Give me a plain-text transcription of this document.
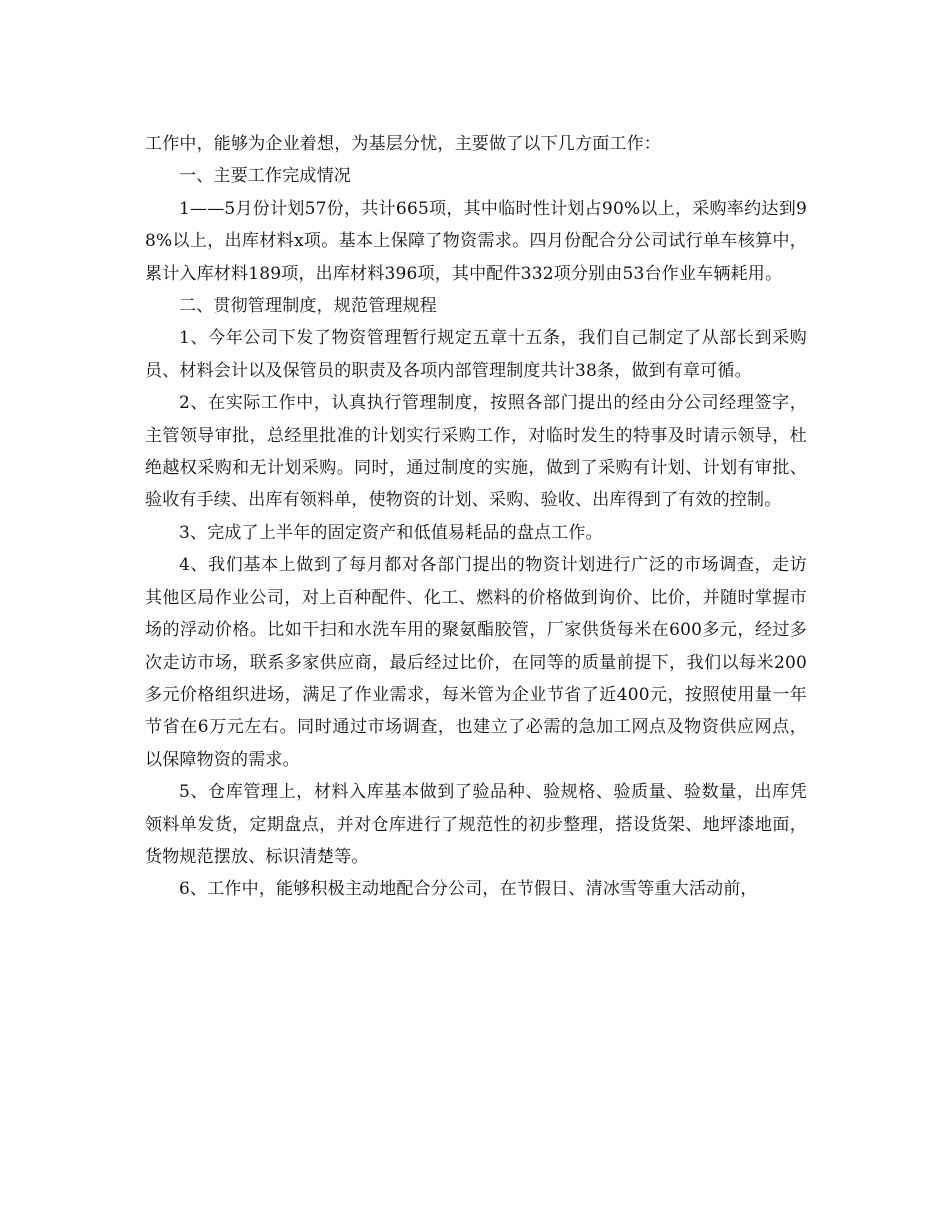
工作中，能够为企业着想，为基层分忧，主要做了以下几方面工作：

一、主要工作完成情况

1——5月份计划57份，共计665项，其中临时性计划占90%以上，采购率约达到98%以上，出库材料x项。基本上保障了物资需求。四月份配合分公司试行单车核算中，累计入库材料189项，出库材料396项，其中配件332项分别由53台作业车辆耗用。

二、贯彻管理制度，规范管理规程

1、今年公司下发了物资管理暂行规定五章十五条，我们自己制定了从部长到采购员、材料会计以及保管员的职责及各项内部管理制度共计38条，做到有章可循。

2、在实际工作中，认真执行管理制度，按照各部门提出的经由分公司经理签字，主管领导审批，总经里批准的计划实行采购工作，对临时发生的特事及时请示领导，杜绝越权采购和无计划采购。同时，通过制度的实施，做到了采购有计划、计划有审批、验收有手续、出库有领料单，使物资的计划、采购、验收、出库得到了有效的控制。

3、完成了上半年的固定资产和低值易耗品的盘点工作。

4、我们基本上做到了每月都对各部门提出的物资计划进行广泛的市场调查，走访其他区局作业公司，对上百种配件、化工、燃料的价格做到询价、比价，并随时掌握市场的浮动价格。比如干扫和水洗车用的聚氨酯胶管，厂家供货每米在600多元，经过多次走访市场，联系多家供应商，最后经过比价，在同等的质量前提下，我们以每米200多元价格组织进场，满足了作业需求，每米管为企业节省了近400元，按照使用量一年节省在6万元左右。同时通过市场调查，也建立了必需的急加工网点及物资供应网点，以保障物资的需求。

5、仓库管理上，材料入库基本做到了验品种、验规格、验质量、验数量，出库凭领料单发货，定期盘点，并对仓库进行了规范性的初步整理，搭设货架、地坪漆地面，货物规范摆放、标识清楚等。

6、工作中，能够积极主动地配合分公司，在节假日、清冰雪等重大活动前，
